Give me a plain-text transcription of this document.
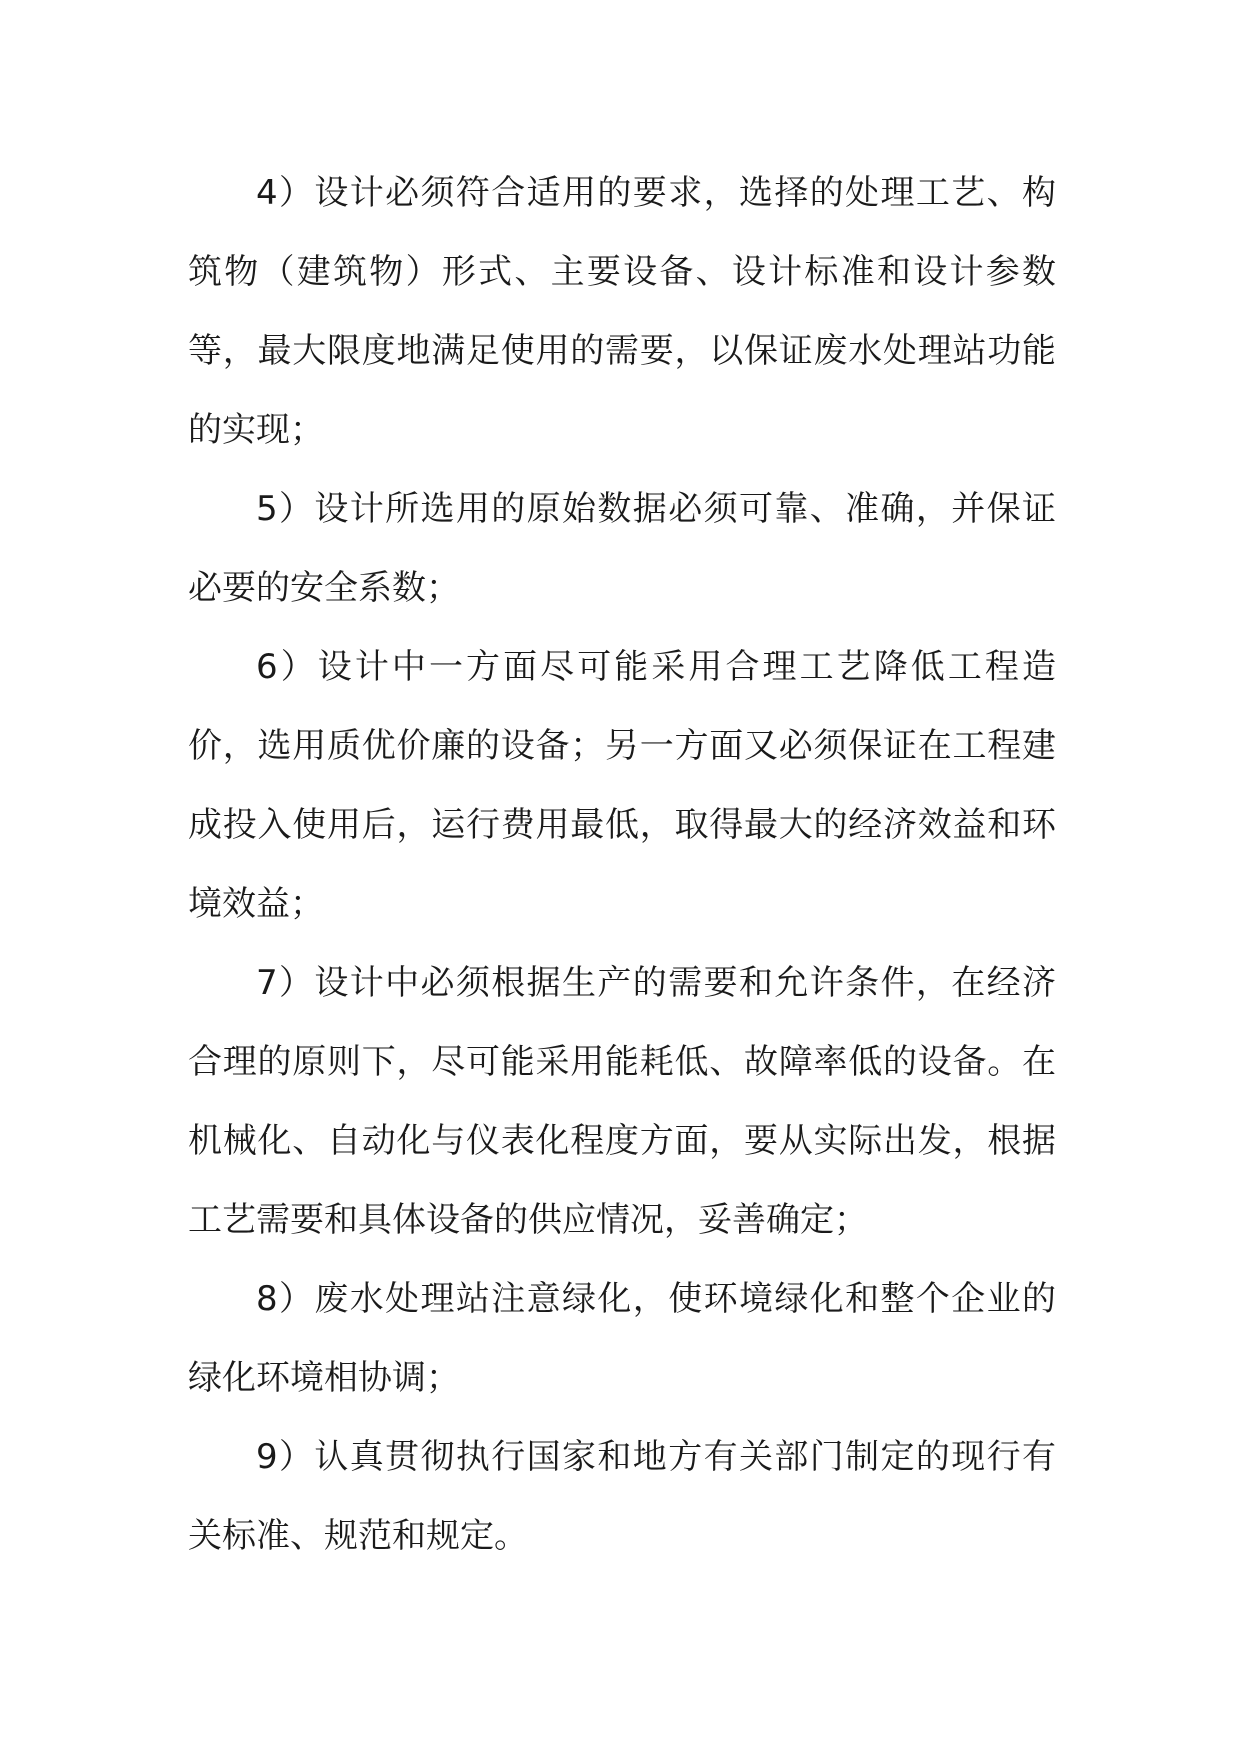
4）设计必须符合适用的要求，选择的处理工艺、构筑物（建筑物）形式、主要设备、设计标准和设计参数等，最大限度地满足使用的需要，以保证废水处理站功能的实现；

5）设计所选用的原始数据必须可靠、准确，并保证必要的安全系数；

6）设计中一方面尽可能采用合理工艺降低工程造价，选用质优价廉的设备；另一方面又必须保证在工程建成投入使用后，运行费用最低，取得最大的经济效益和环境效益；

7）设计中必须根据生产的需要和允许条件，在经济合理的原则下，尽可能采用能耗低、故障率低的设备。在机械化、自动化与仪表化程度方面，要从实际出发，根据工艺需要和具体设备的供应情况，妥善确定；

8）废水处理站注意绿化，使环境绿化和整个企业的绿化环境相协调；

9）认真贯彻执行国家和地方有关部门制定的现行有关标准、规范和规定。
